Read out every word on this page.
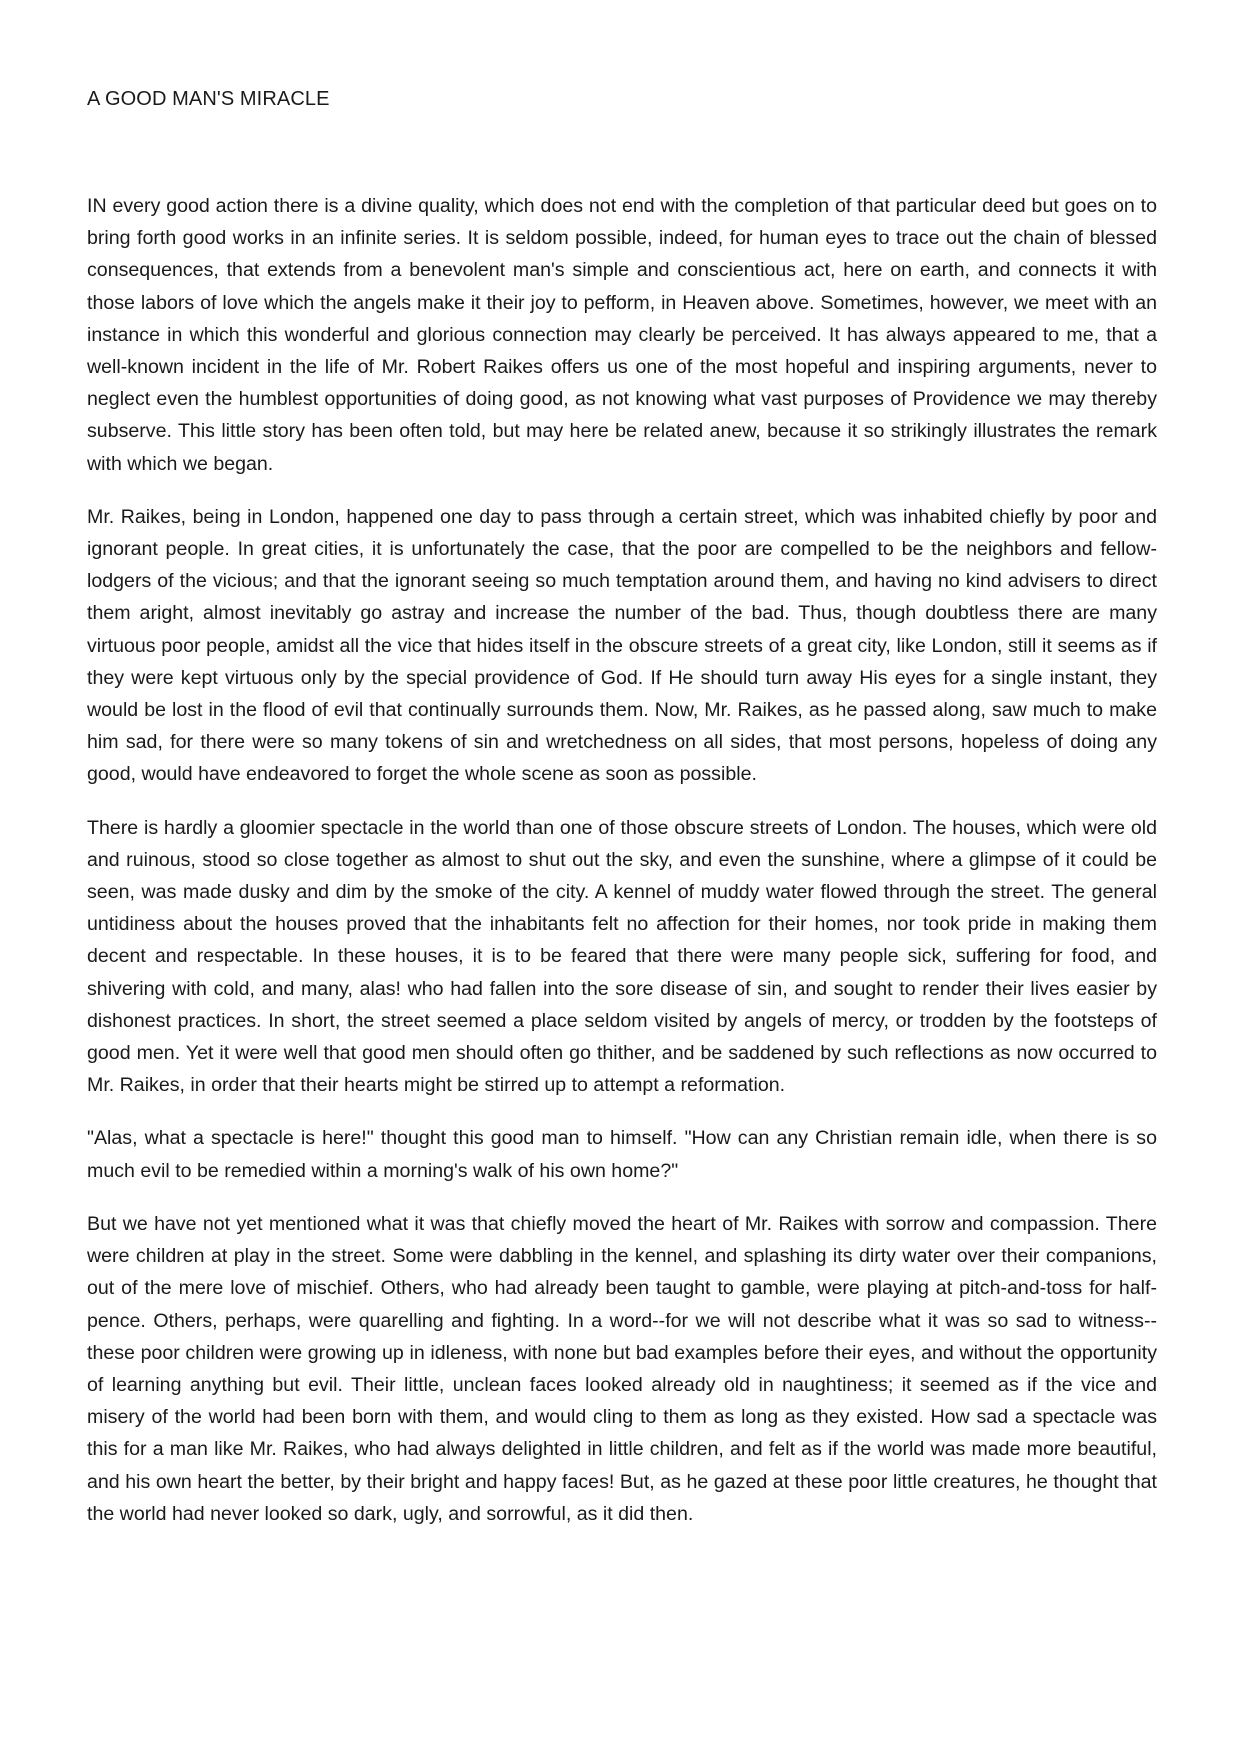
A GOOD MAN'S MIRACLE

IN every good action there is a divine quality, which does not end with the completion of that particular deed but goes on to bring forth good works in an infinite series. It is seldom possible, indeed, for human eyes to trace out the chain of blessed consequences, that extends from a benevolent man's simple and conscientious act, here on earth, and connects it with those labors of love which the angels make it their joy to pefform, in Heaven above. Sometimes, however, we meet with an instance in which this wonderful and glorious connection may clearly be perceived. It has always appeared to me, that a well-known incident in the life of Mr. Robert Raikes offers us one of the most hopeful and inspiring arguments, never to neglect even the humblest opportunities of doing good, as not knowing what vast purposes of Providence we may thereby subserve. This little story has been often told, but may here be related anew, because it so strikingly illustrates the remark with which we began.

Mr. Raikes, being in London, happened one day to pass through a certain street, which was inhabited chiefly by poor and ignorant people. In great cities, it is unfortunately the case, that the poor are compelled to be the neighbors and fellow-lodgers of the vicious; and that the ignorant seeing so much temptation around them, and having no kind advisers to direct them aright, almost inevitably go astray and increase the number of the bad. Thus, though doubtless there are many virtuous poor people, amidst all the vice that hides itself in the obscure streets of a great city, like London, still it seems as if they were kept virtuous only by the special providence of God. If He should turn away His eyes for a single instant, they would be lost in the flood of evil that continually surrounds them. Now, Mr. Raikes, as he passed along, saw much to make him sad, for there were so many tokens of sin and wretchedness on all sides, that most persons, hopeless of doing any good, would have endeavored to forget the whole scene as soon as possible.

There is hardly a gloomier spectacle in the world than one of those obscure streets of London. The houses, which were old and ruinous, stood so close together as almost to shut out the sky, and even the sunshine, where a glimpse of it could be seen, was made dusky and dim by the smoke of the city. A kennel of muddy water flowed through the street. The general untidiness about the houses proved that the inhabitants felt no affection for their homes, nor took pride in making them decent and respectable. In these houses, it is to be feared that there were many people sick, suffering for food, and shivering with cold, and many, alas! who had fallen into the sore disease of sin, and sought to render their lives easier by dishonest practices. In short, the street seemed a place seldom visited by angels of mercy, or trodden by the footsteps of good men. Yet it were well that good men should often go thither, and be saddened by such reflections as now occurred to Mr. Raikes, in order that their hearts might be stirred up to attempt a reformation.

"Alas, what a spectacle is here!" thought this good man to himself. "How can any Christian remain idle, when there is so much evil to be remedied within a morning's walk of his own home?"

But we have not yet mentioned what it was that chiefly moved the heart of Mr. Raikes with sorrow and compassion. There were children at play in the street. Some were dabbling in the kennel, and splashing its dirty water over their companions, out of the mere love of mischief. Others, who had already been taught to gamble, were playing at pitch-and-toss for half-pence. Others, perhaps, were quarelling and fighting. In a word--for we will not describe what it was so sad to witness--these poor children were growing up in idleness, with none but bad examples before their eyes, and without the opportunity of learning anything but evil. Their little, unclean faces looked already old in naughtiness; it seemed as if the vice and misery of the world had been born with them, and would cling to them as long as they existed. How sad a spectacle was this for a man like Mr. Raikes, who had always delighted in little children, and felt as if the world was made more beautiful, and his own heart the better, by their bright and happy faces! But, as he gazed at these poor little creatures, he thought that the world had never looked so dark, ugly, and sorrowful, as it did then.
